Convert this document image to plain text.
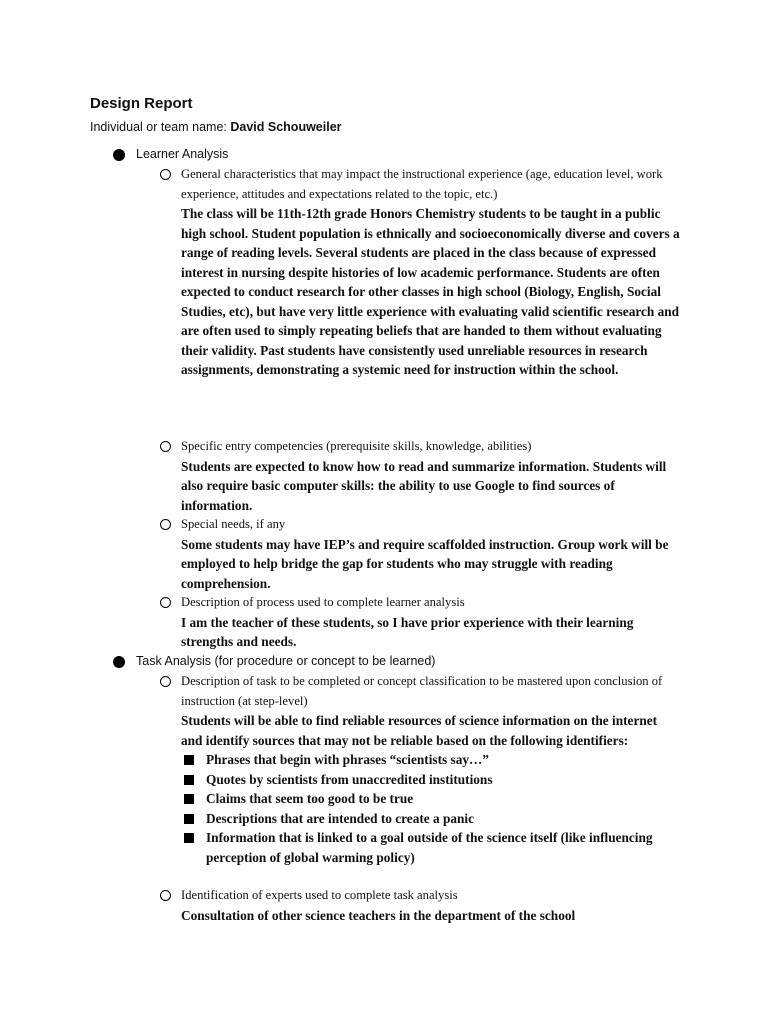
Design Report
Individual or team name: David Schouweiler
Learner Analysis
General characteristics that may impact the instructional experience (age, education level, work experience, attitudes and expectations related to the topic, etc.)
The class will be 11th-12th grade Honors Chemistry students to be taught in a public high school. Student population is ethnically and socioeconomically diverse and covers a range of reading levels. Several students are placed in the class because of expressed interest in nursing despite histories of low academic performance. Students are often expected to conduct research for other classes in high school (Biology, English, Social Studies, etc), but have very little experience with evaluating valid scientific research and are often used to simply repeating beliefs that are handed to them without evaluating their validity. Past students have consistently used unreliable resources in research assignments, demonstrating a systemic need for instruction within the school.
Specific entry competencies (prerequisite skills, knowledge, abilities)
Students are expected to know how to read and summarize information. Students will also require basic computer skills: the ability to use Google to find sources of information.
Special needs, if any
Some students may have IEP’s and require scaffolded instruction. Group work will be employed to help bridge the gap for students who may struggle with reading comprehension.
Description of process used to complete learner analysis
I am the teacher of these students, so I have prior experience with their learning strengths and needs.
Task Analysis (for procedure or concept to be learned)
Description of task to be completed or concept classification to be mastered upon conclusion of instruction (at step-level)
Students will be able to find reliable resources of science information on the internet and identify sources that may not be reliable based on the following identifiers:
Phrases that begin with phrases “scientists say…”
Quotes by scientists from unaccredited institutions
Claims that seem too good to be true
Descriptions that are intended to create a panic
Information that is linked to a goal outside of the science itself (like influencing perception of global warming policy)
Identification of experts used to complete task analysis
Consultation of other science teachers in the department of the school
